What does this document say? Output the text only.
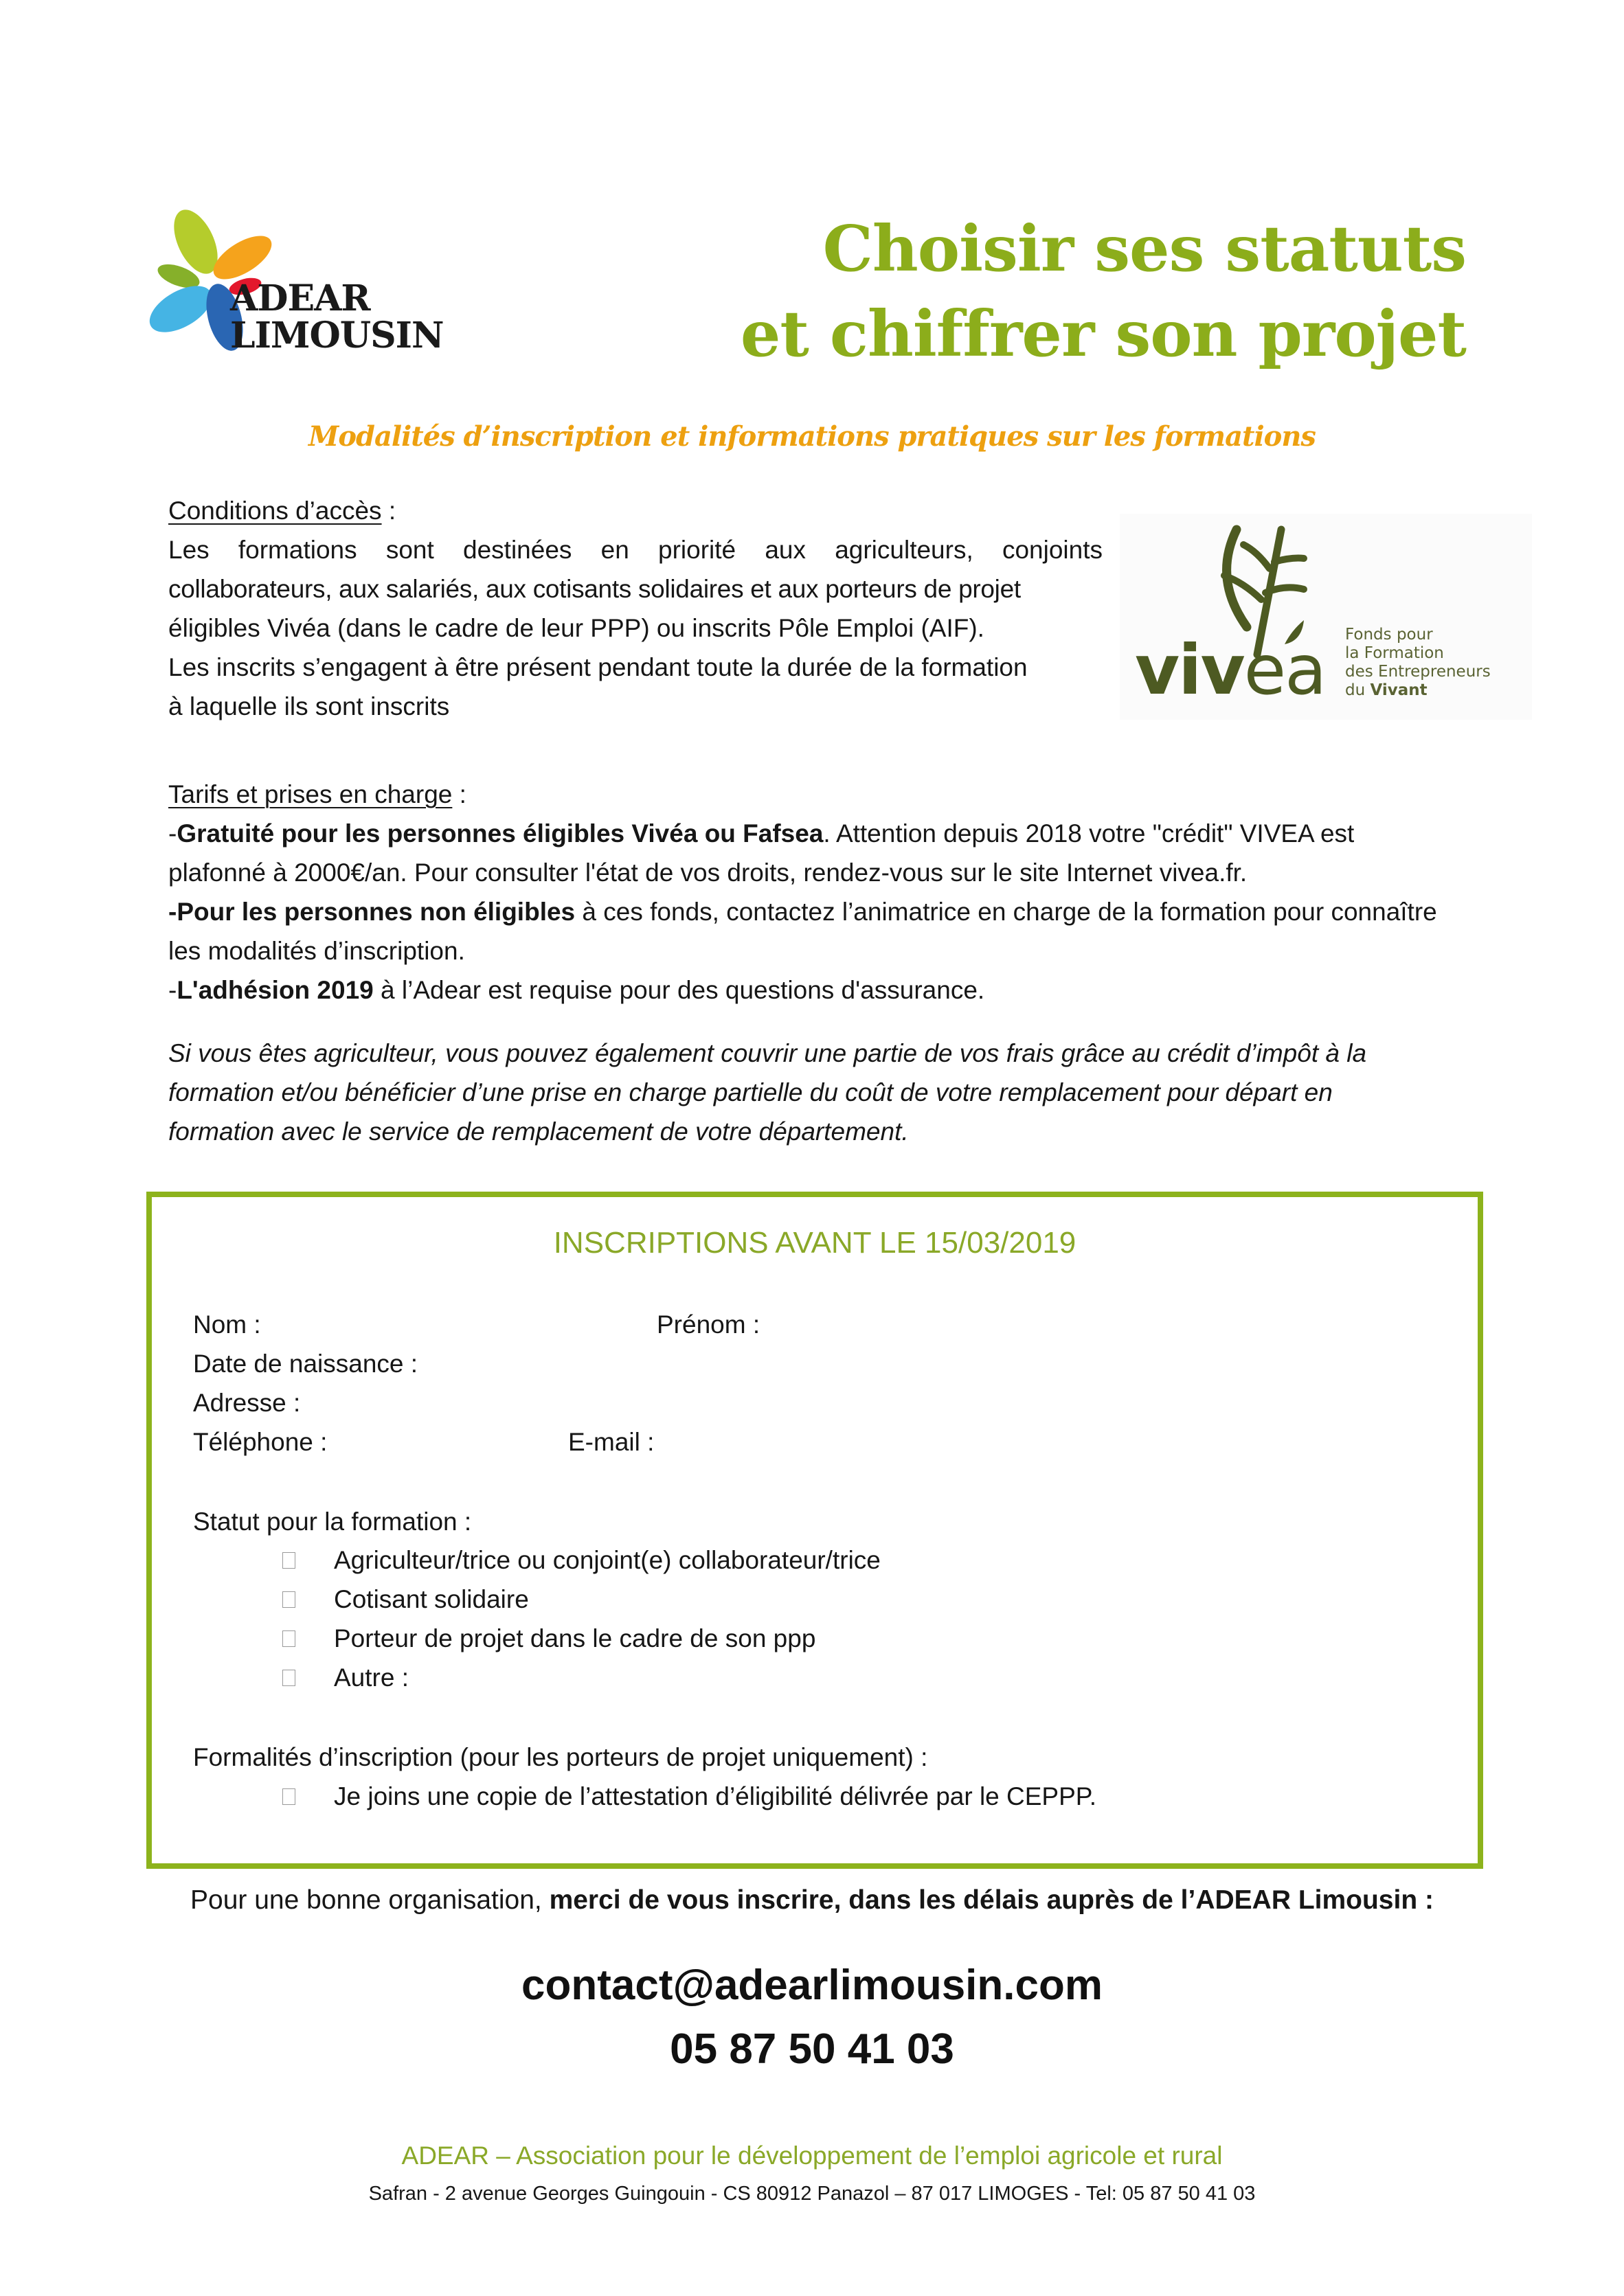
ADEAR
LIMOUSIN
Choisir ses statuts
et chiffrer son projet
Modalités d’inscription et informations pratiques sur les formations
Conditions d’accès :
Les formations sont destinées en priorité aux agriculteurs, conjoints
collaborateurs, aux salariés, aux cotisants solidaires et aux porteurs de projet
éligibles Vivéa (dans le cadre de leur PPP) ou inscrits Pôle Emploi (AIF).
Les inscrits s’engagent à être présent pendant toute la durée de la formation
à laquelle ils sont inscrits	vivea Fonds pour
la Formation
des Entrepreneurs
du Vivant
Tarifs et prises en charge :
-Gratuité pour les personnes éligibles Vivéa ou Fafsea. Attention depuis 2018 votre "crédit" VIVEA est
plafonné à 2000€/an. Pour consulter l'état de vos droits, rendez-vous sur le site Internet vivea.fr.
-Pour les personnes non éligibles à ces fonds, contactez l’animatrice en charge de la formation pour connaître
les modalités d’inscription.
-L'adhésion 2019 à l’Adear est requise pour des questions d'assurance.
Si vous êtes agriculteur, vous pouvez également couvrir une partie de vos frais grâce au crédit d’impôt à la
formation et/ou bénéficier d’une prise en charge partielle du coût de votre remplacement pour départ en
formation avec le service de remplacement de votre département.
INSCRIPTIONS AVANT LE 15/03/2019
Nom :	Prénom :
Date de naissance :
Adresse :
Téléphone :	E-mail :
Statut pour la formation :
Agriculteur/trice ou conjoint(e) collaborateur/trice
Cotisant solidaire
Porteur de projet dans le cadre de son ppp
Autre :
Formalités d’inscription (pour les porteurs de projet uniquement) :
Je joins une copie de l’attestation d’éligibilité délivrée par le CEPPP.
Pour une bonne organisation, merci de vous inscrire, dans les délais auprès de l’ADEAR Limousin :
contact@adearlimousin.com
05 87 50 41 03
ADEAR – Association pour le développement de l’emploi agricole et rural
Safran - 2 avenue Georges Guingouin - CS 80912 Panazol – 87 017 LIMOGES - Tel: 05 87 50 41 03
